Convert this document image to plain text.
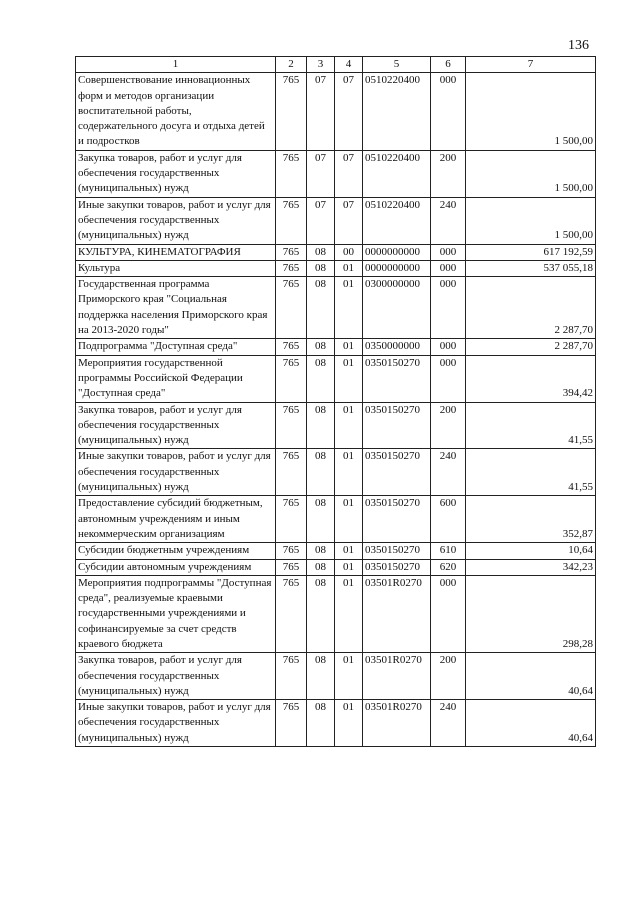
136
1	2	3	4	5	6	7
Совершенствование инновационных форм и методов организации воспитательной работы, содержательного досуга и отдыха детей и подростков	765	07	07	0510220400	000	1 500,00
Закупка товаров, работ и услуг для обеспечения государственных (муниципальных) нужд	765	07	07	0510220400	200	1 500,00
Иные закупки товаров, работ и услуг для обеспечения государственных (муниципальных) нужд	765	07	07	0510220400	240	1 500,00
КУЛЬТУРА, КИНЕМАТОГРАФИЯ	765	08	00	0000000000	000	617 192,59
Культура	765	08	01	0000000000	000	537 055,18
Государственная программа Приморского края "Социальная поддержка населения Приморского края на 2013-2020 годы"	765	08	01	0300000000	000	2 287,70
Подпрограмма "Доступная среда"	765	08	01	0350000000	000	2 287,70
Мероприятия государственной программы Российской Федерации "Доступная среда"	765	08	01	0350150270	000	394,42
Закупка товаров, работ и услуг для обеспечения государственных (муниципальных) нужд	765	08	01	0350150270	200	41,55
Иные закупки товаров, работ и услуг для обеспечения государственных (муниципальных) нужд	765	08	01	0350150270	240	41,55
Предоставление субсидий бюджетным, автономным учреждениям и иным некоммерческим организациям	765	08	01	0350150270	600	352,87
Субсидии бюджетным учреждениям	765	08	01	0350150270	610	10,64
Субсидии автономным учреждениям	765	08	01	0350150270	620	342,23
Мероприятия подпрограммы "Доступная среда", реализуемые краевыми государственными учреждениями и софинансируемые за счет средств краевого бюджета	765	08	01	03501R0270	000	298,28
Закупка товаров, работ и услуг для обеспечения государственных (муниципальных) нужд	765	08	01	03501R0270	200	40,64
Иные закупки товаров, работ и услуг для обеспечения государственных (муниципальных) нужд	765	08	01	03501R0270	240	40,64
